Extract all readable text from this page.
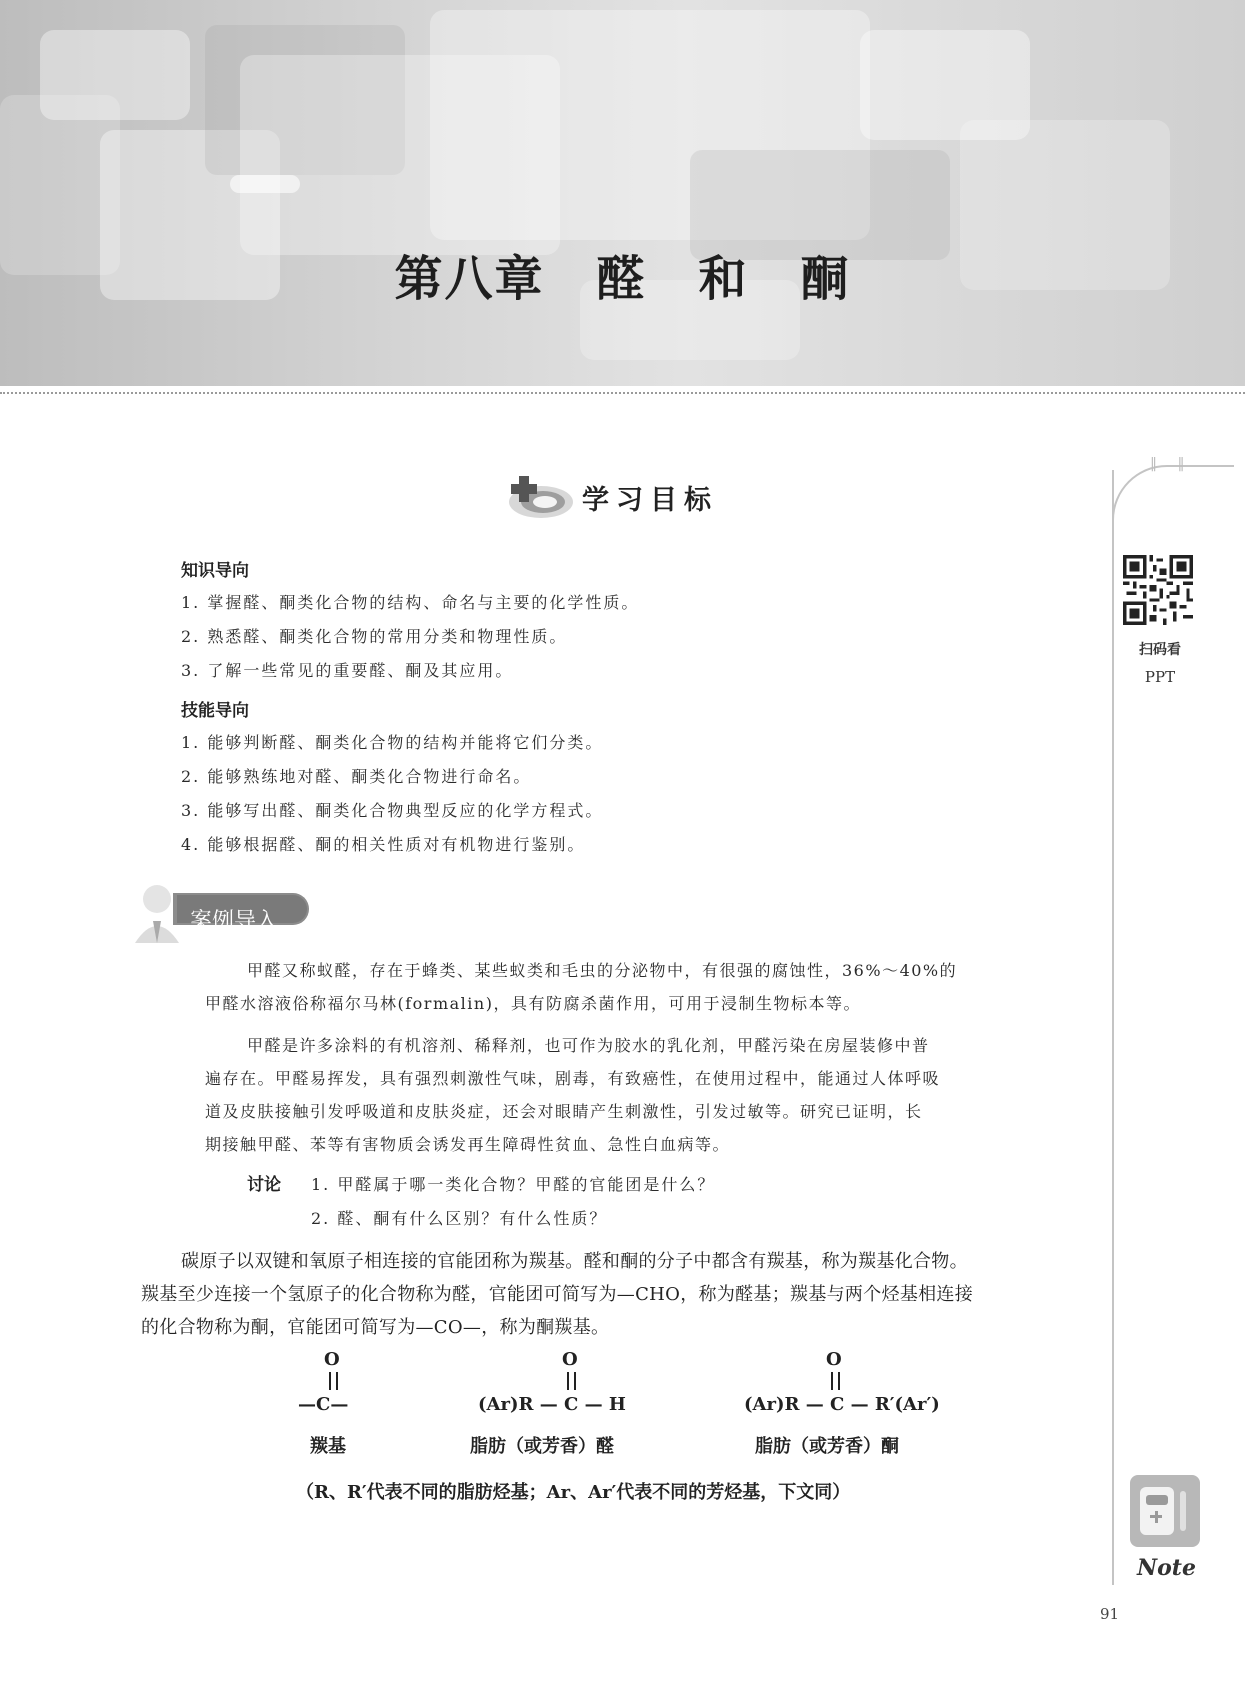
第八章 醛 和 酮
‖ ‖
扫码看
PPT
Note
91
学习目标
知识导向
1. 掌握醛、酮类化合物的结构、命名与主要的化学性质。
2. 熟悉醛、酮类化合物的常用分类和物理性质。
3. 了解一些常见的重要醛、酮及其应用。
技能导向
1. 能够判断醛、酮类化合物的结构并能将它们分类。
2. 能够熟练地对醛、酮类化合物进行命名。
3. 能够写出醛、酮类化合物典型反应的化学方程式。
4. 能够根据醛、酮的相关性质对有机物进行鉴别。
案例导入

甲醛又称蚁醛，存在于蜂类、某些蚁类和毛虫的分泌物中，有很强的腐蚀性，36%～40%的

甲醛水溶液俗称福尔马林(formalin)，具有防腐杀菌作用，可用于浸制生物标本等。

甲醛是许多涂料的有机溶剂、稀释剂，也可作为胶水的乳化剂，甲醛污染在房屋装修中普

遍存在。甲醛易挥发，具有强烈刺激性气味，剧毒，有致癌性，在使用过程中，能通过人体呼吸

道及皮肤接触引发呼吸道和皮肤炎症，还会对眼睛产生刺激性，引发过敏等。研究已证明，长

期接触甲醛、苯等有害物质会诱发再生障碍性贫血、急性白血病等。

讨论 1. 甲醛属于哪一类化合物？甲醛的官能团是什么？
2. 醛、酮有什么区别？有什么性质？

碳原子以双键和氧原子相连接的官能团称为羰基。醛和酮的分子中都含有羰基，称为羰基化合物。

羰基至少连接一个氢原子的化合物称为醛，官能团可简写为—CHO，称为醛基；羰基与两个烃基相连接

的化合物称为酮，官能团可简写为—CO—，称为酮羰基。

O
—C—
羰基
O
(Ar)R — C — H
脂肪（或芳香）醛
O
(Ar)R — C — R′(Ar′)
脂肪（或芳香）酮
（R、R′代表不同的脂肪烃基；Ar、Ar′代表不同的芳烃基，下文同）
